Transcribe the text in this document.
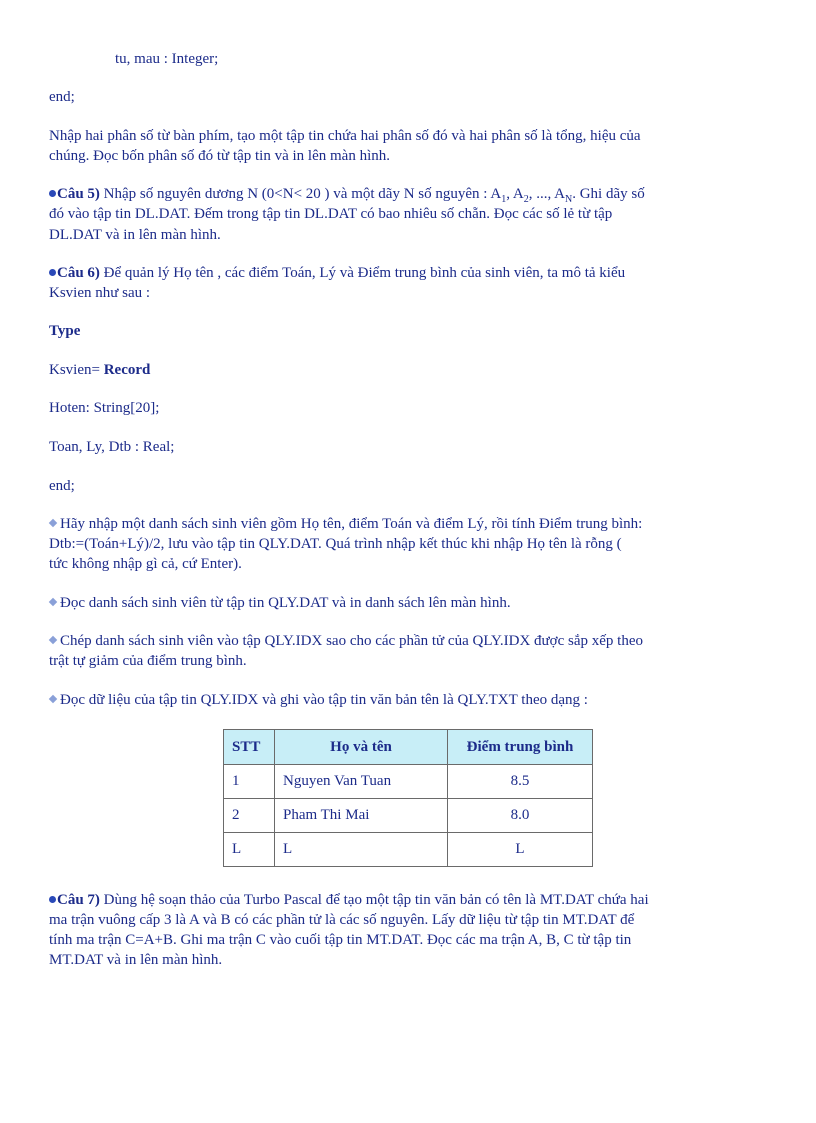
tu, mau : Integer;
end;
Nhập hai phân số từ bàn phím, tạo một tập tin chứa hai phân số đó và hai phân số là tổng, hiệu của
chúng. Đọc bốn phân số đó từ tập tin và in lên màn hình.
Câu 5) Nhập số nguyên dương N (0<N< 20 ) và một dãy N số nguyên : $A_1$, $A_2$, ..., $A_N$. Ghi dãy số
đó vào tập tin DL.DAT. Đếm trong tập tin DL.DAT có bao nhiêu số chẵn. Đọc các số lẻ từ tập
DL.DAT và in lên màn hình.
Câu 6) Để quản lý Họ tên , các điểm Toán, Lý và Điểm trung bình của sinh viên, ta mô tả kiểu
Ksvien như sau :
Type
Ksvien= Record
Hoten: String[20];
Toan, Ly, Dtb : Real;
end;
Hãy nhập một danh sách sinh viên gồm Họ tên, điểm Toán và điểm Lý, rồi tính Điểm trung bình:
Dtb:=(Toán+Lý)/2, lưu vào tập tin QLY.DAT. Quá trình nhập kết thúc khi nhập Họ tên là rỗng (
tức không nhập gì cả, cứ Enter).
Đọc danh sách sinh viên từ tập tin QLY.DAT và in danh sách lên màn hình.
Chép danh sách sinh viên vào tập QLY.IDX sao cho các phần tử của QLY.IDX được sắp xếp theo
trật tự giảm của điểm trung bình.
Đọc dữ liệu của tập tin QLY.IDX và ghi vào tập tin văn bản tên là QLY.TXT theo dạng :
STT	Họ và tên	Điểm trung bình
1	Nguyen Van Tuan	8.5
2	Pham Thi Mai	8.0
L	L	L
Câu 7) Dùng hệ soạn thảo của Turbo Pascal để tạo một tập tin văn bản có tên là MT.DAT chứa hai
ma trận vuông cấp 3 là A và B có các phần tử là các số nguyên. Lấy dữ liệu từ tập tin MT.DAT để
tính ma trận C=A+B. Ghi ma trận C vào cuối tập tin MT.DAT. Đọc các ma trận A, B, C từ tập tin
MT.DAT và in lên màn hình.
